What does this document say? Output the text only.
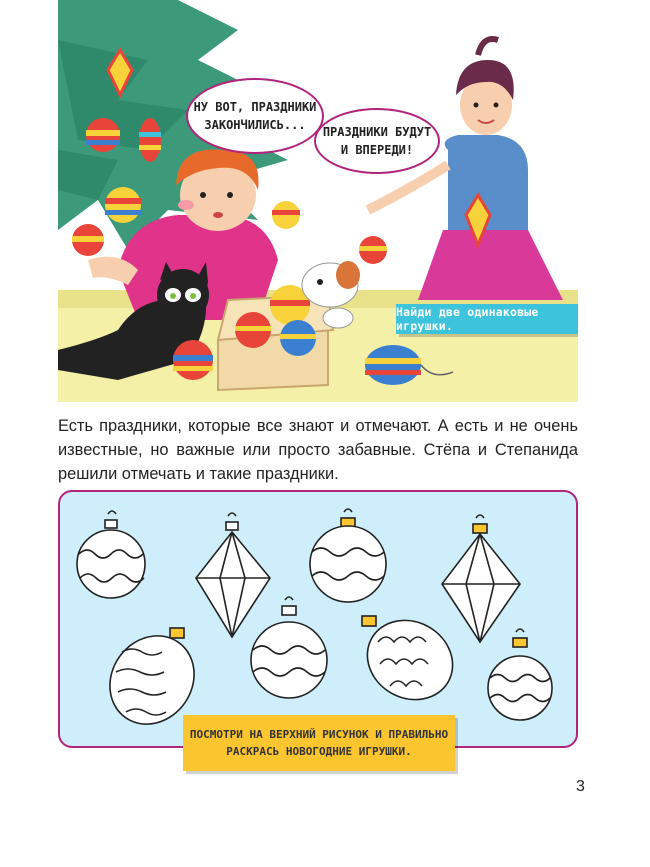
НУ ВОТ, ПРАЗДНИКИ
ЗАКОНЧИЛИСЬ...	ПРАЗДНИКИ БУДУТ
И ВПЕРЕДИ!
Найди две одинаковые игрушки.

Есть праздники, которые все знают и отмечают. А есть и не очень известные, но важные или просто забавные. Стёпа и Степанида решили отмечать и такие праздники.

ПОСМОТРИ НА ВЕРХНИЙ РИСУНОК И ПРАВИЛЬНО
РАСКРАСЬ НОВОГОДНИЕ ИГРУШКИ.
3
